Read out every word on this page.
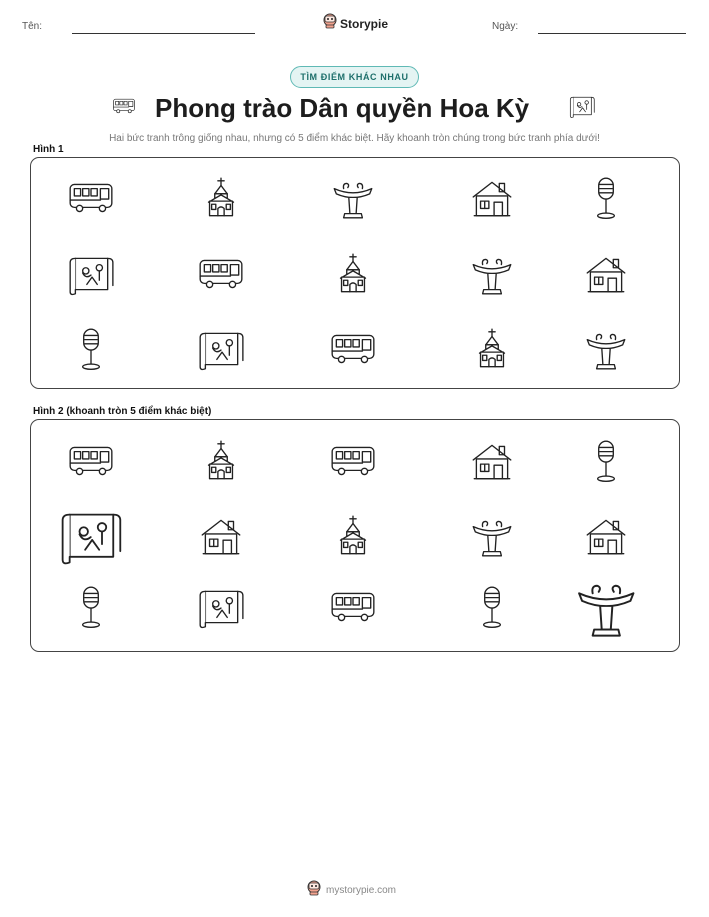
Tên:	Storypie	Ngày:
TÌM ĐIỂM KHÁC NHAU
Phong trào Dân quyền Hoa Kỳ
Hai bức tranh trông giống nhau, nhưng có 5 điểm khác biệt. Hãy khoanh tròn chúng trong bức tranh phía dưới!
Hình 1
Hình 2 (khoanh tròn 5 điểm khác biệt)
mystorypie.com
